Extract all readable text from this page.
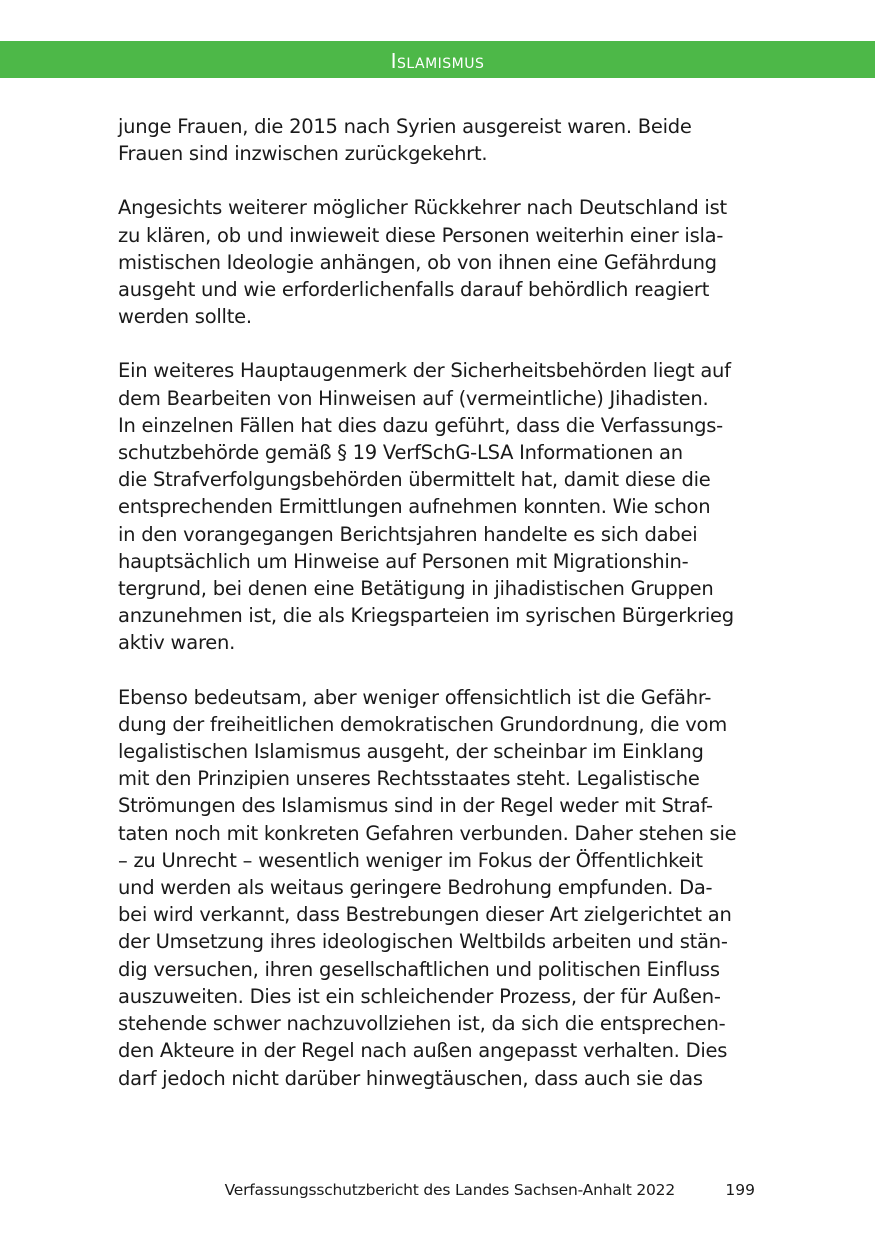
Islamismus
junge Frauen, die 2015 nach Syrien ausgereist waren. Beide
Frauen sind inzwischen zurückgekehrt.
Angesichts weiterer möglicher Rückkehrer nach Deutschland ist
zu klären, ob und inwieweit diese Personen weiterhin einer isla-
mistischen Ideologie anhängen, ob von ihnen eine Gefährdung
ausgeht und wie erforderlichenfalls darauf behördlich reagiert
werden sollte.
Ein weiteres Hauptaugenmerk der Sicherheitsbehörden liegt auf
dem Bearbeiten von Hinweisen auf (vermeintliche) Jihadisten.
In einzelnen Fällen hat dies dazu geführt, dass die Verfassungs-
schutzbehörde gemäß § 19 VerfSchG-LSA Informationen an
die Strafverfolgungsbehörden übermittelt hat, damit diese die
entsprechenden Ermittlungen aufnehmen konnten. Wie schon
in den vorangegangen Berichtsjahren handelte es sich dabei
hauptsächlich um Hinweise auf Personen mit Migrationshin-
tergrund, bei denen eine Betätigung in jihadistischen Gruppen
anzunehmen ist, die als Kriegsparteien im syrischen Bürgerkrieg
aktiv waren.
Ebenso bedeutsam, aber weniger offensichtlich ist die Gefähr-
dung der freiheitlichen demokratischen Grundordnung, die vom
legalistischen Islamismus ausgeht, der scheinbar im Einklang
mit den Prinzipien unseres Rechtsstaates steht. Legalistische
Strömungen des Islamismus sind in der Regel weder mit Straf-
taten noch mit konkreten Gefahren verbunden. Daher stehen sie
– zu Unrecht – wesentlich weniger im Fokus der Öffentlichkeit
und werden als weitaus geringere Bedrohung empfunden. Da-
bei wird verkannt, dass Bestrebungen dieser Art zielgerichtet an
der Umsetzung ihres ideologischen Weltbilds arbeiten und stän-
dig versuchen, ihren gesellschaftlichen und politischen Einfluss
auszuweiten. Dies ist ein schleichender Prozess, der für Außen-
stehende schwer nachzuvollziehen ist, da sich die entsprechen-
den Akteure in der Regel nach außen angepasst verhalten. Dies
darf jedoch nicht darüber hinwegtäuschen, dass auch sie das
Verfassungsschutzbericht des Landes Sachsen-Anhalt 2022	199
